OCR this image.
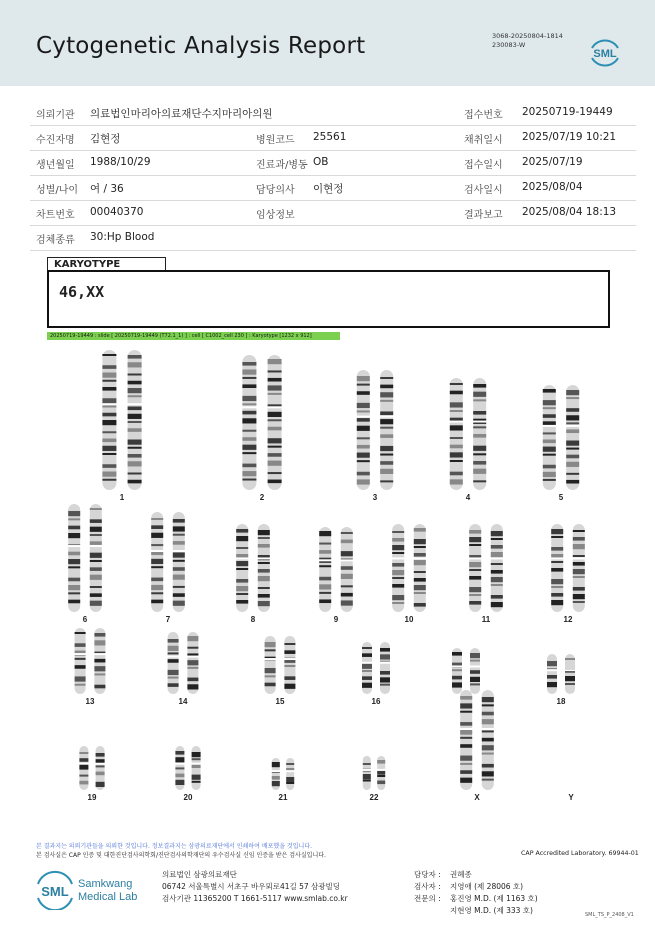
Cytogenetic Analysis Report	3068-20250804-1814
230083-W
SML
의뢰기관 의료법인마리아의료재단수지마리아의원	접수번호 20250719-19449
수진자명 김현정	병원코드 25561	채취일시 2025/07/19 10:21
생년월일 1988/10/29	진료과/병동 OB	접수일시 2025/07/19
성별/나이 여 / 36	담당의사 이현정	검사일시 2025/08/04
차트번호 00040370	임상정보	결과보고 2025/08/04 18:13
검체종류 30:Hp Blood
KARYOTYPE
46,XX
20250719-19449 : slide [ 20250719-19449 (T72.1_1) ] : cell [ C1002_cell 230 ] : Karyotype [1232 x 912]
1	2	3	4	5
6	7	8	9	10	11	12
13	14	15	16	18
19	20	21	22	X	Y
본 결과지는 의뢰기관들을 의뢰한 것입니다. 정보결과지는 삼광의료재단에서 인쇄하여 배포했을 것입니다.
본 검사실은 CAP 인증 및 대한진단검사의학회/진단검사의학재단의 우수검사실 신임 인증을 받은 검사실입니다.	CAP Accredited Laboratory. 69944-01
SML Samkwang
Medical Lab
의료법인 삼광의료재단
06742 서울특별시 서초구 바우뫼로41길 57 삼광빌딩
검사기관 11365200 T 1661-5117 www.smlab.co.kr
담당자 : 권혜종
검사자 : 지영애 (제 28006 호)
전문의 : 홍진영 M.D. (제 1163 호)
지현영 M.D. (제 333 호)	SML_TS_P_2408_V1
